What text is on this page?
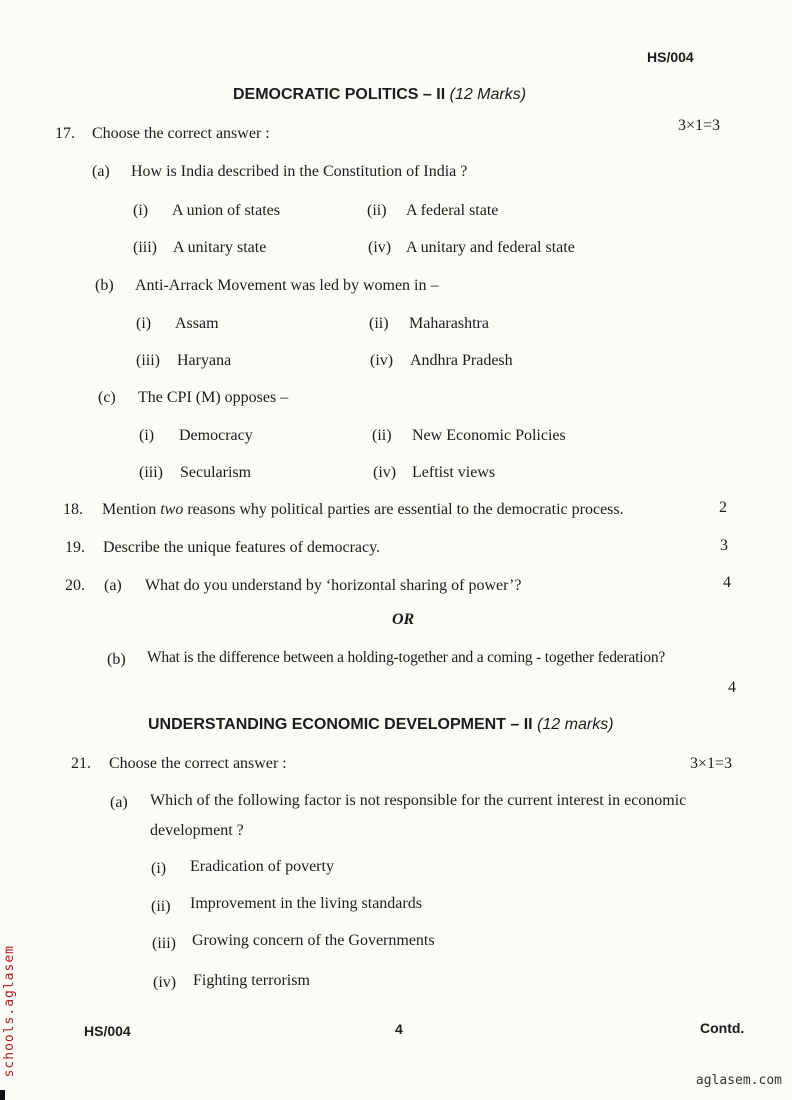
HS/004
DEMOCRATIC POLITICS – II (12 Marks)
17. Choose the correct answer :	3×1=3
(a) How is India described in the Constitution of India ?
(i) A union of states	(ii) A federal state
(iii) A unitary state	(iv) A unitary and federal state
(b) Anti-Arrack Movement was led by women in –
(i) Assam	(ii) Maharashtra
(iii) Haryana	(iv) Andhra Pradesh
(c) The CPI (M) opposes –
(i) Democracy	(ii) New Economic Policies
(iii) Secularism	(iv) Leftist views
18. Mention two reasons why political parties are essential to the democratic process.	2
19. Describe the unique features of democracy.	3
20. (a) What do you understand by ‘horizontal sharing of power’?	4
OR
(b) What is the difference between a holding-together and a coming - together federation?
4
UNDERSTANDING ECONOMIC DEVELOPMENT – II (12 marks)
21. Choose the correct answer :	3×1=3
(a) Which of the following factor is not responsible for the current interest in economic
development ?
(i) Eradication of poverty
(ii) Improvement in the living standards
(iii) Growing concern of the Governments
(iv) Fighting terrorism
HS/004	4	Contd.
schools.aglasem
aglasem.com
